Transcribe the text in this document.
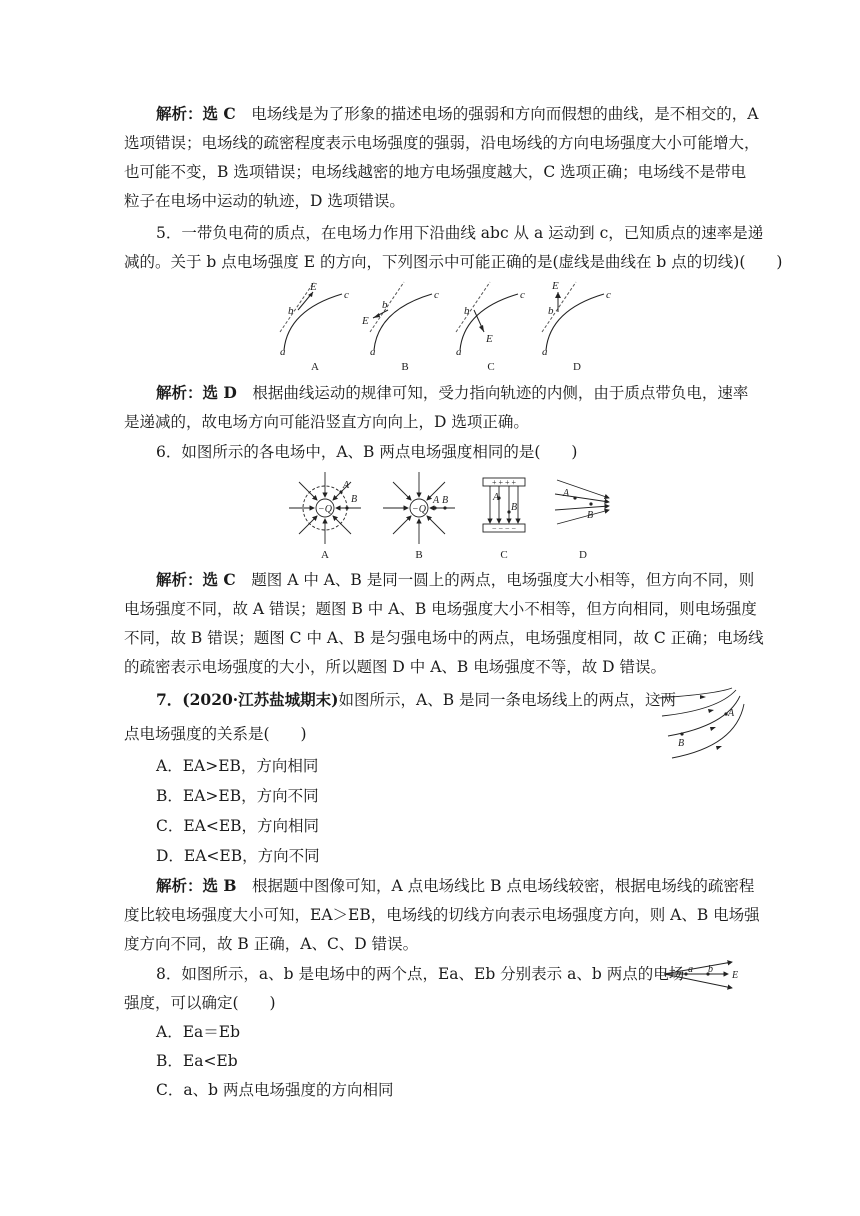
解析：选 C　 电场线是为了形象的描述电场的强弱和方向而假想的曲线，是不相交的，A
选项错误；电场线的疏密程度表示电场强度的强弱，沿电场线的方向电场强度大小可能增大，
也可能不变，B 选项错误；电场线越密的地方电场强度越大，C 选项正确；电场线不是带电
粒子在电场中运动的轨迹，D 选项错误。
5．一带负电荷的质点，在电场力作用下沿曲线 abc 从 a 运动到 c，已知质点的速率是递
减的。关于 b 点电场强度 E 的方向，下列图示中可能正确的是(虚线是曲线在 b 点的切线)(　　)
a
b
c
E
a
b
c
E
a
b
c
E
a
b
c
E
A	B	C	D
解析：选 D　 根据曲线运动的规律可知，受力指向轨迹的内侧，由于质点带负电，速率
是递减的，故电场方向可能沿竖直方向向上，D 选项正确。
6．如图所示的各电场中，A、B 两点电场强度相同的是(　　)
−Q
A
B
−Q
A B
+ + + +
− − − −
A
B
A
B
A	B	C	D
解析：选 C　 题图 A 中 A、B 是同一圆上的两点，电场强度大小相等，但方向不同，则
电场强度不同，故 A 错误；题图 B 中 A、B 电场强度大小不相等，但方向相同，则电场强度
不同，故 B 错误；题图 C 中 A、B 是匀强电场中的两点，电场强度相同，故 C 正确；电场线
的疏密表示电场强度的大小，所以题图 D 中 A、B 电场强度不等，故 D 错误。
7．(2020·江苏盐城期末)如图所示，A、B 是同一条电场线上的两点，这两
点电场强度的关系是(　　)
A
B
A．EA>EB，方向相同
B．EA>EB，方向不同
C．EA<EB，方向相同
D．EA<EB，方向不同
解析：选 B　 根据题中图像可知，A 点电场线比 B 点电场线较密，根据电场线的疏密程
度比较电场强度大小可知，EA＞EB，电场线的切线方向表示电场强度方向，则 A、B 电场强
度方向不同，故 B 正确，A、C、D 错误。
8．如图所示，a、b 是电场中的两个点，Ea、Eb 分别表示 a、b 两点的电场
强度，可以确定(　　)
a b
E
A．Ea＝Eb
B．Ea<Eb
C．a、b 两点电场强度的方向相同
